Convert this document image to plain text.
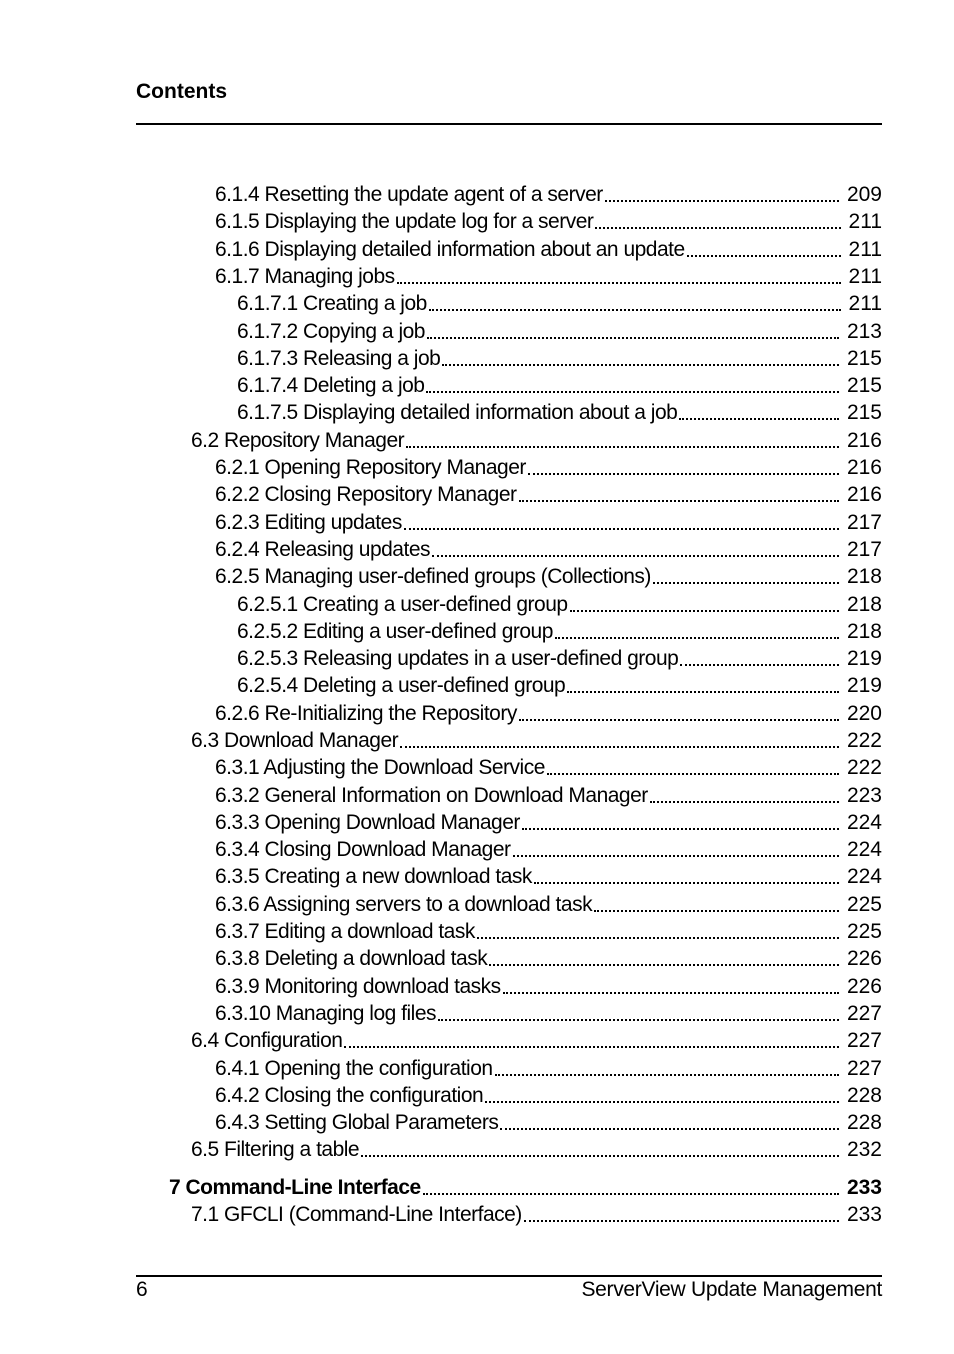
Contents
6.1.4 Resetting the update agent of a server	209
6.1.5 Displaying the update log for a server	211
6.1.6 Displaying detailed information about an update	211
6.1.7 Managing jobs	211
6.1.7.1 Creating a job	211
6.1.7.2 Copying a job	213
6.1.7.3 Releasing a job	215
6.1.7.4 Deleting a job	215
6.1.7.5 Displaying detailed information about a job	215
6.2 Repository Manager	216
6.2.1 Opening Repository Manager	216
6.2.2 Closing Repository Manager	216
6.2.3 Editing updates	217
6.2.4 Releasing updates	217
6.2.5 Managing user-defined groups (Collections)	218
6.2.5.1 Creating a user-defined group	218
6.2.5.2 Editing a user-defined group	218
6.2.5.3 Releasing updates in a user-defined group	219
6.2.5.4 Deleting a user-defined group	219
6.2.6 Re-Initializing the Repository	220
6.3 Download Manager	222
6.3.1 Adjusting the Download Service	222
6.3.2 General Information on Download Manager	223
6.3.3 Opening Download Manager	224
6.3.4 Closing Download Manager	224
6.3.5 Creating a new download task	224
6.3.6 Assigning servers to a download task	225
6.3.7 Editing a download task	225
6.3.8 Deleting a download task	226
6.3.9 Monitoring download tasks	226
6.3.10 Managing log files	227
6.4 Configuration	227
6.4.1 Opening the configuration	227
6.4.2 Closing the configuration	228
6.4.3 Setting Global Parameters	228
6.5 Filtering a table	232
7 Command-Line Interface	233
7.1 GFCLI (Command-Line Interface)	233
6	ServerView Update Management
